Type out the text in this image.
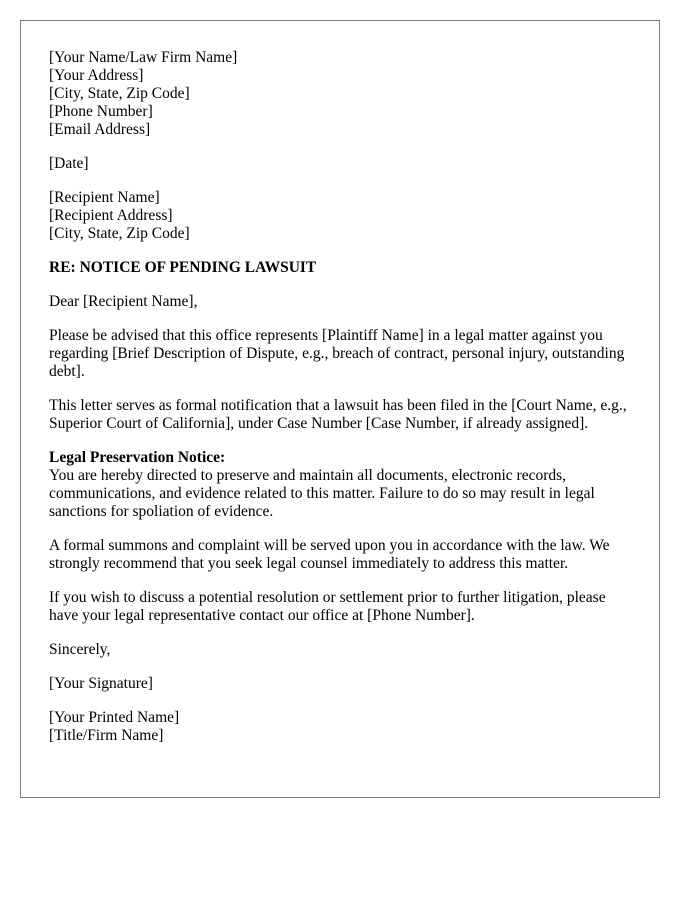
[Your Name/Law Firm Name]
[Your Address]
[City, State, Zip Code]
[Phone Number]
[Email Address]
[Date]
[Recipient Name]
[Recipient Address]
[City, State, Zip Code]
RE: NOTICE OF PENDING LAWSUIT
Dear [Recipient Name],

Please be advised that this office represents [Plaintiff Name] in a legal matter against you regarding [Brief Description of Dispute, e.g., breach of contract, personal injury, outstanding debt].

This letter serves as formal notification that a lawsuit has been filed in the [Court Name, e.g., Superior Court of California], under Case Number [Case Number, if already assigned].

Legal Preservation Notice:
You are hereby directed to preserve and maintain all documents, electronic records, communications, and evidence related to this matter. Failure to do so may result in legal sanctions for spoliation of evidence.

A formal summons and complaint will be served upon you in accordance with the law. We strongly recommend that you seek legal counsel immediately to address this matter.

If you wish to discuss a potential resolution or settlement prior to further litigation, please have your legal representative contact our office at [Phone Number].

Sincerely,
[Your Signature]
[Your Printed Name]
[Title/Firm Name]
